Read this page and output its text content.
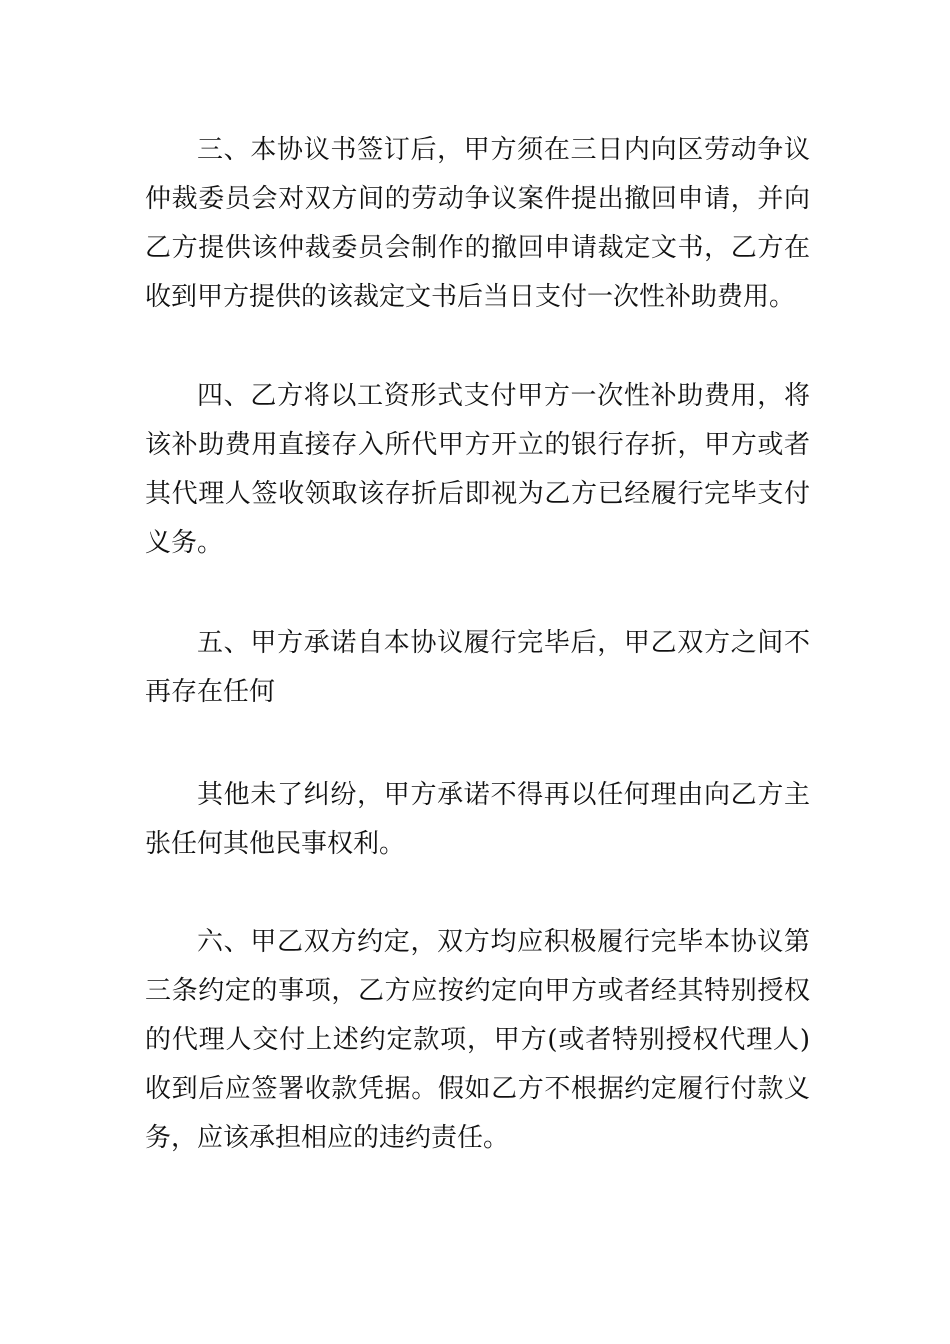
三、本协议书签订后，甲方须在三日内向区劳动争议
仲裁委员会对双方间的劳动争议案件提出撤回申请，并向
乙方提供该仲裁委员会制作的撤回申请裁定文书，乙方在
收到甲方提供的该裁定文书后当日支付一次性补助费用。
四、乙方将以工资形式支付甲方一次性补助费用，将
该补助费用直接存入所代甲方开立的银行存折，甲方或者
其代理人签收领取该存折后即视为乙方已经履行完毕支付
义务。
五、甲方承诺自本协议履行完毕后，甲乙双方之间不
再存在任何
其他未了纠纷，甲方承诺不得再以任何理由向乙方主
张任何其他民事权利。
六、甲乙双方约定，双方均应积极履行完毕本协议第
三条约定的事项，乙方应按约定向甲方或者经其特别授权
的代理人交付上述约定款项，甲方(或者特别授权代理人)
收到后应签署收款凭据。假如乙方不根据约定履行付款义
务，应该承担相应的违约责任。
